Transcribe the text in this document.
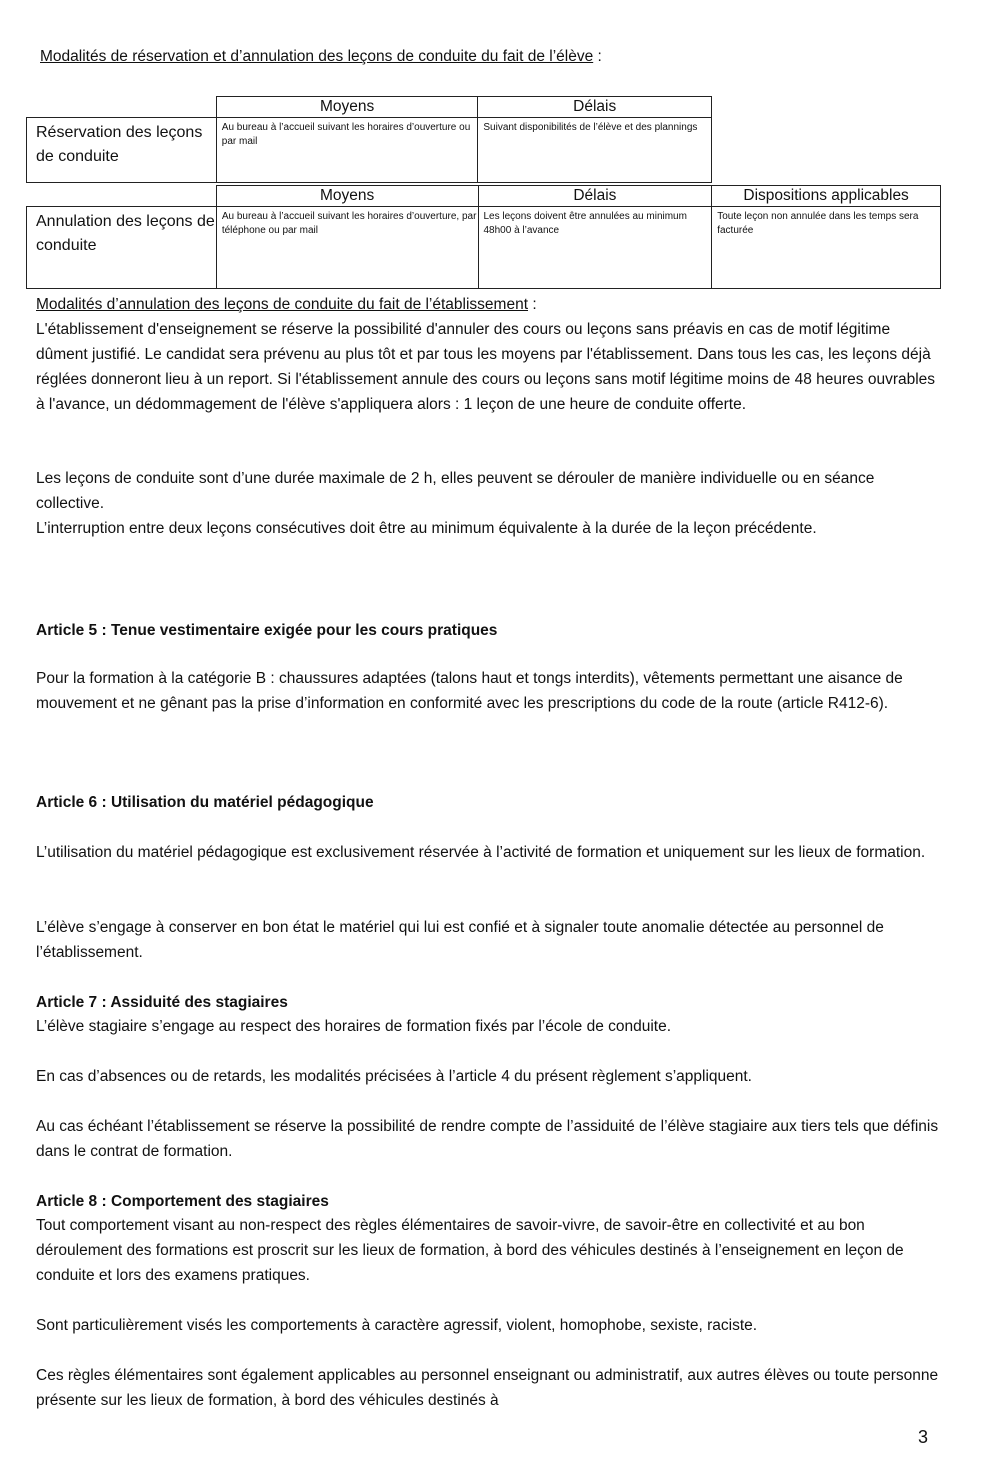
Modalités de réservation et d’annulation des leçons de conduite du fait de l’élève :
	Moyens	Délais
Réservation des leçons de conduite	Au bureau à l’accueil suivant les horaires d’ouverture ou par mail	Suivant disponibilités de l’élève et des plannings
	Moyens	Délais	Dispositions applicables
Annulation des leçons de conduite	Au bureau à l’accueil suivant les horaires d’ouverture, par téléphone ou par mail	Les leçons doivent être annulées au minimum 48h00 à l’avance	Toute leçon non annulée dans les temps sera facturée
Modalités d’annulation des leçons de conduite du fait de l’établissement :
L'établissement d'enseignement se réserve la possibilité d'annuler des cours ou leçons sans préavis en cas de motif légitime dûment justifié. Le candidat sera prévenu au plus tôt et par tous les moyens par l'établissement. Dans tous les cas, les leçons déjà réglées donneront lieu à un report. Si l'établissement annule des cours ou leçons sans motif légitime moins de 48 heures ouvrables à l'avance, un dédommagement de l'élève s'appliquera alors : 1 leçon de une heure de conduite offerte.
Les leçons de conduite sont d’une durée maximale de 2 h, elles peuvent se dérouler de manière individuelle ou en séance collective.
L’interruption entre deux leçons consécutives doit être au minimum équivalente à la durée de la leçon précédente.
Article 5 : Tenue vestimentaire exigée pour les cours pratiques
Pour la formation à la catégorie B : chaussures adaptées (talons haut et tongs interdits), vêtements permettant une aisance de mouvement et ne gênant pas la prise d’information en conformité avec les prescriptions du code de la route (article R412-6).
Article 6 : Utilisation du matériel pédagogique
L’utilisation du matériel pédagogique est exclusivement réservée à l’activité de formation et uniquement sur les lieux de formation.
L’élève s’engage à conserver en bon état le matériel qui lui est confié et à signaler toute anomalie détectée au personnel de l’établissement.
Article 7 : Assiduité des stagiaires
L’élève stagiaire s’engage au respect des horaires de formation fixés par l’école de conduite.
En cas d’absences ou de retards, les modalités précisées à l’article 4 du présent règlement s’appliquent.
Au cas échéant l’établissement se réserve la possibilité de rendre compte de l’assiduité de l’élève stagiaire aux tiers tels que définis dans le contrat de formation.
Article 8 : Comportement des stagiaires
Tout comportement visant au non-respect des règles élémentaires de savoir-vivre, de savoir-être en collectivité et au bon déroulement des formations est proscrit sur les lieux de formation, à bord des véhicules destinés à l’enseignement en leçon de conduite et lors des examens pratiques.
Sont particulièrement visés les comportements à caractère agressif, violent, homophobe, sexiste, raciste.
Ces règles élémentaires sont également applicables au personnel enseignant ou administratif, aux autres élèves ou toute personne présente sur les lieux de formation, à bord des véhicules destinés à
3
